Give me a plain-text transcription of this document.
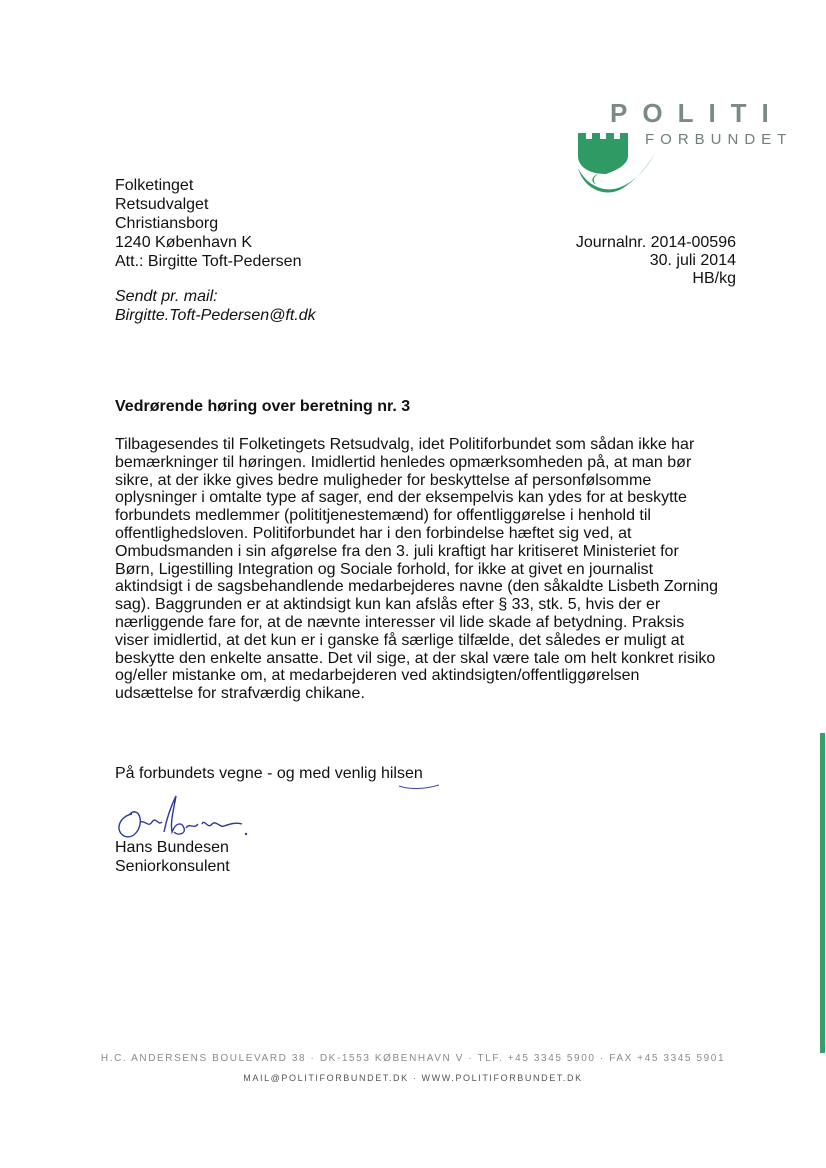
POLITI
FORBUNDET
Folketinget
Retsudvalget
Christiansborg
1240 København K
Att.: Birgitte Toft-Pedersen
Journalnr. 2014-00596
30. juli 2014
HB/kg
Sendt pr. mail:
Birgitte.Toft-Pedersen@ft.dk
Vedrørende høring over beretning nr. 3
Tilbagesendes til Folketingets Retsudvalg, idet Politiforbundet som sådan ikke har
bemærkninger til høringen. Imidlertid henledes opmærksomheden på, at man bør
sikre, at der ikke gives bedre muligheder for beskyttelse af personfølsomme
oplysninger i omtalte type af sager, end der eksempelvis kan ydes for at beskytte
forbundets medlemmer (polititjenestemænd) for offentliggørelse i henhold til
offentlighedsloven. Politiforbundet har i den forbindelse hæftet sig ved, at
Ombudsmanden i sin afgørelse fra den 3. juli kraftigt har kritiseret Ministeriet for
Børn, Ligestilling Integration og Sociale forhold, for ikke at givet en journalist
aktindsigt i de sagsbehandlende medarbejderes navne (den såkaldte Lisbeth Zorning
sag). Baggrunden er at aktindsigt kun kan afslås efter § 33, stk. 5, hvis der er
nærliggende fare for, at de nævnte interesser vil lide skade af betydning. Praksis
viser imidlertid, at det kun er i ganske få særlige tilfælde, det således er muligt at
beskytte den enkelte ansatte. Det vil sige, at der skal være tale om helt konkret risiko
og/eller mistanke om, at medarbejderen ved aktindsigten/offentliggørelsen
udsættelse for strafværdig chikane.
På forbundets vegne - og med venlig hilsen
Hans Bundesen
Seniorkonsulent
H.C. ANDERSENS BOULEVARD 38 · DK-1553 KØBENHAVN V · TLF. +45 3345 5900 · FAX +45 3345 5901
MAIL@POLITIFORBUNDET.DK · WWW.POLITIFORBUNDET.DK
